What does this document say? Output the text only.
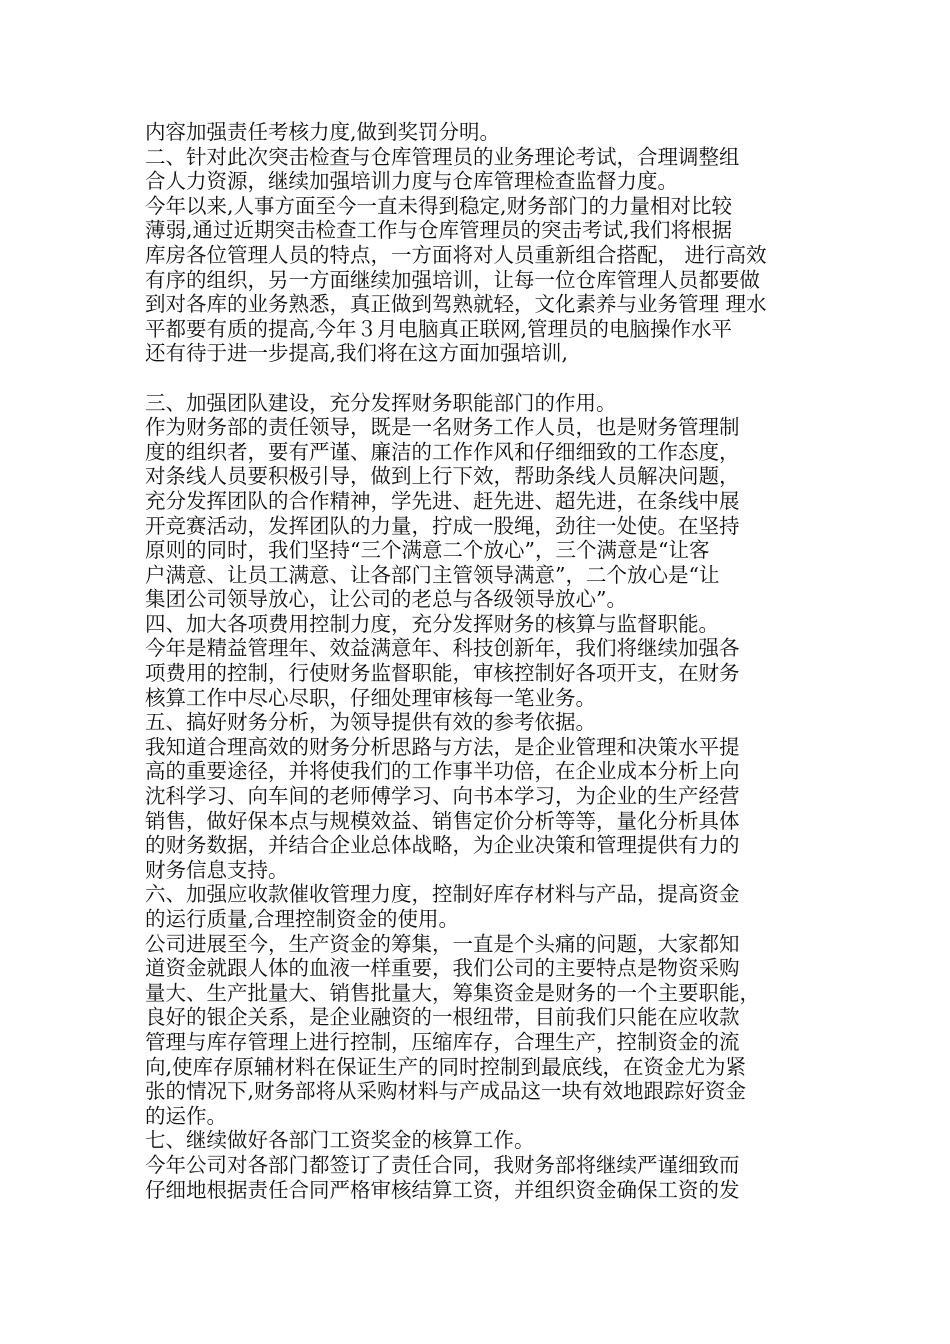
内容加强责任考核力度,做到奖罚分明。
二、针对此次突击检查与仓库管理员的业务理论考试，合理调整组
合人力资源，继续加强培训力度与仓库管理检查监督力度。
今年以来,人事方面至今一直未得到稳定,财务部门的力量相对比较
薄弱,通过近期突击检查工作与仓库管理员的突击考试,我们将根据
库房各位管理人员的特点，一方面将对人员重新组合搭配， 进行高效
有序的组织，另一方面继续加强培训，让每一位仓库管理人员都要做
到对各库的业务熟悉，真正做到驾熟就轻，文化素养与业务管理 理水
平都要有质的提高,今年３月电脑真正联网,管理员的电脑操作水平
还有待于进一步提高,我们将在这方面加强培训,
三、加强团队建设，充分发挥财务职能部门的作用。
作为财务部的责任领导，既是一名财务工作人员，也是财务管理制
度的组织者，要有严谨、廉洁的工作作风和仔细细致的工作态度，
对条线人员要积极引导，做到上行下效，帮助条线人员解决问题，
充分发挥团队的合作精神，学先进、赶先进、超先进，在条线中展
开竞赛活动，发挥团队的力量，拧成一股绳，劲往一处使。在坚持
原则的同时，我们坚持“三个满意二个放心”，三个满意是“让客
户满意、让员工满意、让各部门主管领导满意”，二个放心是“让
集团公司领导放心，让公司的老总与各级领导放心”。
四、加大各项费用控制力度，充分发挥财务的核算与监督职能。
今年是精益管理年、效益满意年、科技创新年，我们将继续加强各
项费用的控制，行使财务监督职能，审核控制好各项开支，在财务
核算工作中尽心尽职，仔细处理审核每一笔业务。
五、搞好财务分析，为领导提供有效的参考依据。
我知道合理高效的财务分析思路与方法，是企业管理和决策水平提
高的重要途径，并将使我们的工作事半功倍，在企业成本分析上向
沈科学习、向车间的老师傅学习、向书本学习，为企业的生产经营
销售，做好保本点与规模效益、销售定价分析等等，量化分析具体
的财务数据，并结合企业总体战略，为企业决策和管理提供有力的
财务信息支持。
六、加强应收款催收管理力度，控制好库存材料与产品，提高资金
的运行质量,合理控制资金的使用。
公司进展至今，生产资金的筹集，一直是个头痛的问题，大家都知
道资金就跟人体的血液一样重要，我们公司的主要特点是物资采购
量大、生产批量大、销售批量大，筹集资金是财务的一个主要职能，
良好的银企关系，是企业融资的一根纽带，目前我们只能在应收款
管理与库存管理上进行控制，压缩库存，合理生产，控制资金的流
向,使库存原辅材料在保证生产的同时控制到最底线，在资金尤为紧
张的情况下,财务部将从采购材料与产成品这一块有效地跟踪好资金
的运作。
七、继续做好各部门工资奖金的核算工作。
今年公司对各部门都签订了责任合同，我财务部将继续严谨细致而
仔细地根据责任合同严格审核结算工资，并组织资金确保工资的发
